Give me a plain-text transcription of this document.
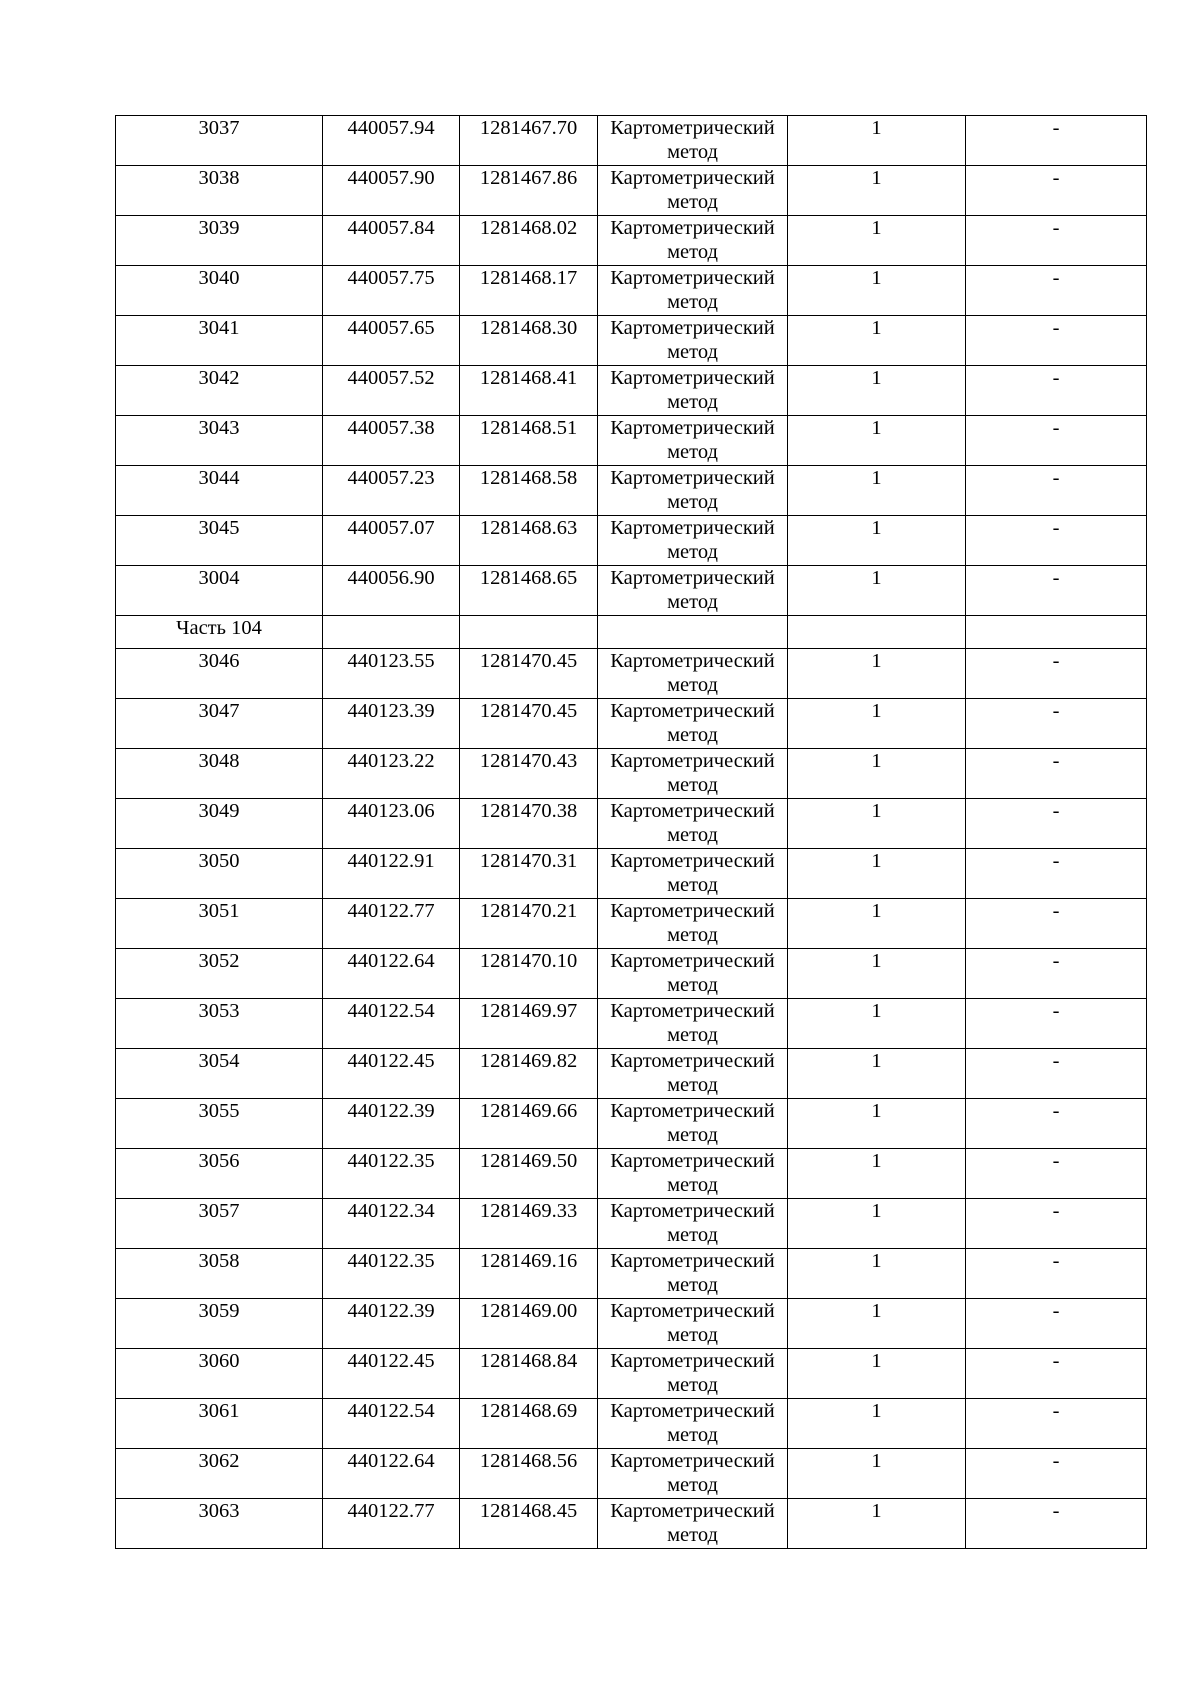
3037	440057.94	1281467.70	Картометрический
метод	1	-
3038	440057.90	1281467.86	Картометрический
метод	1	-
3039	440057.84	1281468.02	Картометрический
метод	1	-
3040	440057.75	1281468.17	Картометрический
метод	1	-
3041	440057.65	1281468.30	Картометрический
метод	1	-
3042	440057.52	1281468.41	Картометрический
метод	1	-
3043	440057.38	1281468.51	Картометрический
метод	1	-
3044	440057.23	1281468.58	Картометрический
метод	1	-
3045	440057.07	1281468.63	Картометрический
метод	1	-
3004	440056.90	1281468.65	Картометрический
метод	1	-
Часть 104					
3046	440123.55	1281470.45	Картометрический
метод	1	-
3047	440123.39	1281470.45	Картометрический
метод	1	-
3048	440123.22	1281470.43	Картометрический
метод	1	-
3049	440123.06	1281470.38	Картометрический
метод	1	-
3050	440122.91	1281470.31	Картометрический
метод	1	-
3051	440122.77	1281470.21	Картометрический
метод	1	-
3052	440122.64	1281470.10	Картометрический
метод	1	-
3053	440122.54	1281469.97	Картометрический
метод	1	-
3054	440122.45	1281469.82	Картометрический
метод	1	-
3055	440122.39	1281469.66	Картометрический
метод	1	-
3056	440122.35	1281469.50	Картометрический
метод	1	-
3057	440122.34	1281469.33	Картометрический
метод	1	-
3058	440122.35	1281469.16	Картометрический
метод	1	-
3059	440122.39	1281469.00	Картометрический
метод	1	-
3060	440122.45	1281468.84	Картометрический
метод	1	-
3061	440122.54	1281468.69	Картометрический
метод	1	-
3062	440122.64	1281468.56	Картометрический
метод	1	-
3063	440122.77	1281468.45	Картометрический
метод	1	-
